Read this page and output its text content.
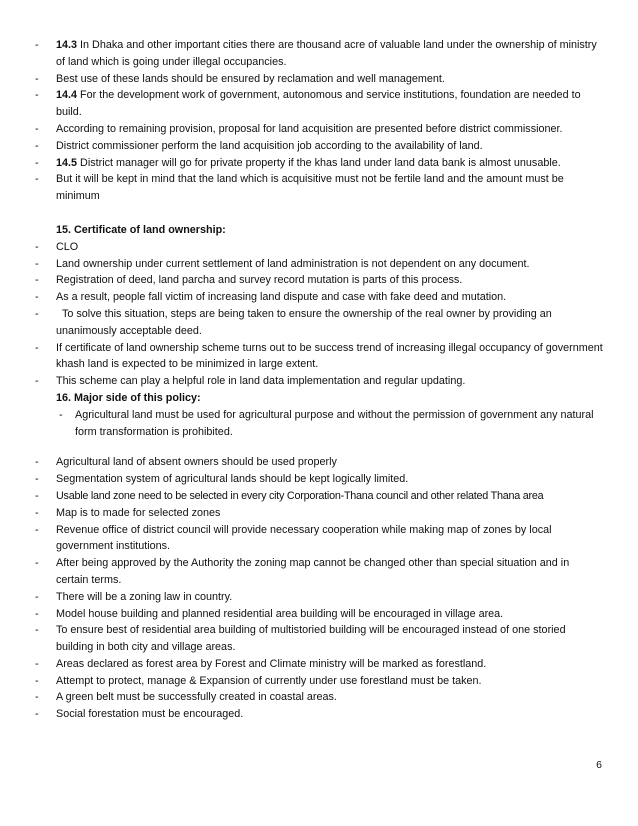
- 14.3 In Dhaka and other important cities there are thousand acre of valuable land under the ownership of ministry of land which is going under illegal occupancies.
- Best use of these lands should be ensured by reclamation and well management.
- 14.4 For the development work of government, autonomous and service institutions, foundation are needed to build.
- According to remaining provision, proposal for land acquisition are presented before district commissioner.
- District commissioner perform the land acquisition job according to the availability of land.
- 14.5 District manager will go for private property if the khas land under land data bank is almost unusable.
- But it will be kept in mind that the land which is acquisitive must not be fertile land and the amount must be minimum
15. Certificate of land ownership:
- CLO
- Land ownership under current settlement of land administration is not dependent on any document.
- Registration of deed, land parcha and survey record mutation is parts of this process.
- As a result, people fall victim of increasing land dispute and case with fake deed and mutation.
- To solve this situation, steps are being taken to ensure the ownership of the real owner by providing an unanimously acceptable deed.
- If certificate of land ownership scheme turns out to be success trend of increasing illegal occupancy of government khash land is expected to be minimized in large extent.
- This scheme can play a helpful role in land data implementation and regular updating.
16. Major side of this policy:
- Agricultural land must be used for agricultural purpose and without the permission of government any natural form transformation is prohibited.
- Agricultural land of absent owners should be used properly
- Segmentation system of agricultural lands should be kept logically limited.
- Usable land zone need to be selected in every city Corporation-Thana council and other related Thana area
- Map is to made for selected zones
- Revenue office of district council will provide necessary cooperation while making map of zones by local government institutions.
- After being approved by the Authority the zoning map cannot be changed other than special situation and in certain terms.
- There will be a zoning law in country.
- Model house building and planned residential area building will be encouraged in village area.
- To ensure best of residential area building of multistoried building will be encouraged instead of one storied building in both city and village areas.
- Areas declared as forest area by Forest and Climate ministry will be marked as forestland.
- Attempt to protect, manage & Expansion of currently under use forestland must be taken.
- A green belt must be successfully created in coastal areas.
- Social forestation must be encouraged.
6
